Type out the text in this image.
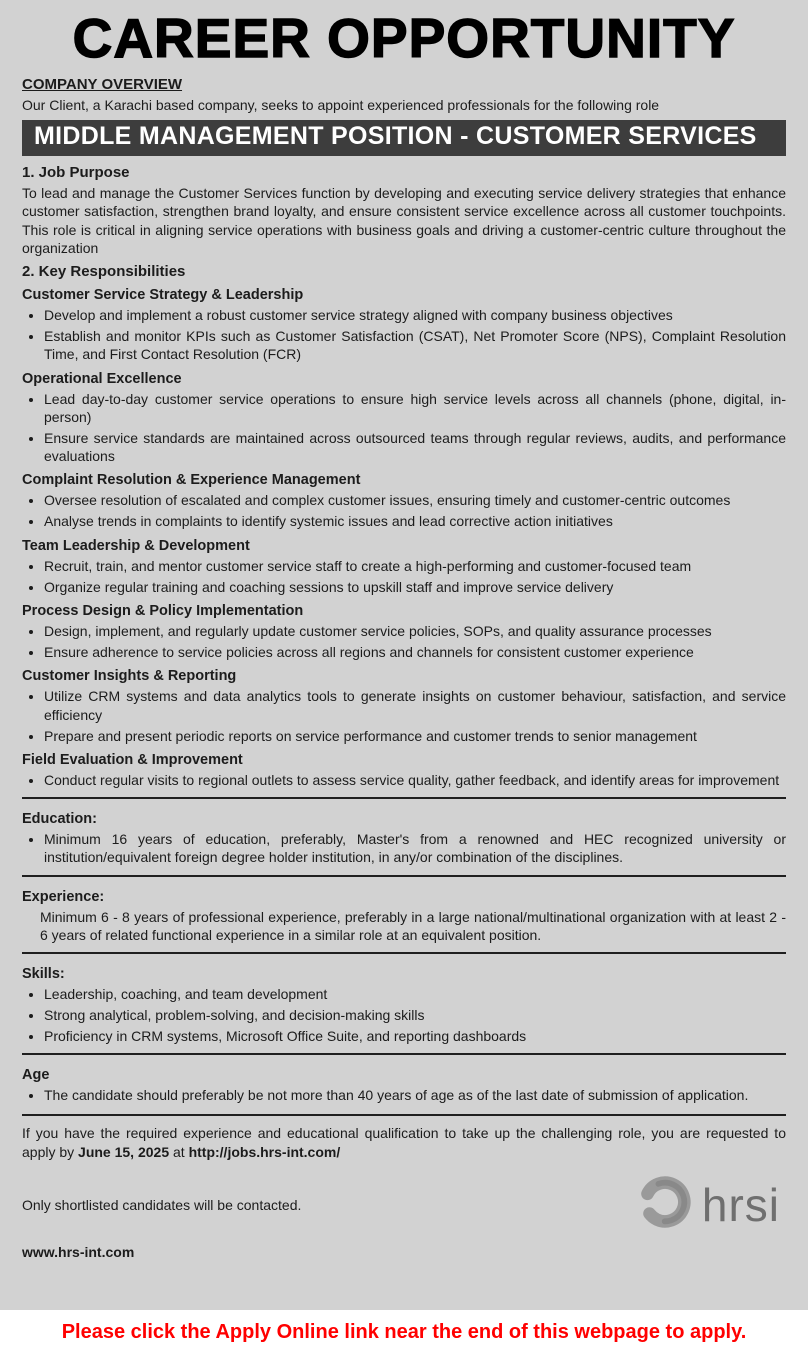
CAREER OPPORTUNITY
COMPANY OVERVIEW

Our Client, a Karachi based company, seeks to appoint experienced professionals for the following role

MIDDLE MANAGEMENT POSITION - CUSTOMER SERVICES
1. Job Purpose

To lead and manage the Customer Services function by developing and executing service delivery strategies that enhance customer satisfaction, strengthen brand loyalty, and ensure consistent service excellence across all customer touchpoints. This role is critical in aligning service operations with business goals and driving a customer-centric culture throughout the organization

2. Key Responsibilities
Customer Service Strategy & Leadership
• Develop and implement a robust customer service strategy aligned with company business objectives
• Establish and monitor KPIs such as Customer Satisfaction (CSAT), Net Promoter Score (NPS), Complaint Resolution Time, and First Contact Resolution (FCR)
Operational Excellence
• Lead day-to-day customer service operations to ensure high service levels across all channels (phone, digital, in-person)
• Ensure service standards are maintained across outsourced teams through regular reviews, audits, and performance evaluations
Complaint Resolution & Experience Management
• Oversee resolution of escalated and complex customer issues, ensuring timely and customer-centric outcomes
• Analyse trends in complaints to identify systemic issues and lead corrective action initiatives
Team Leadership & Development
• Recruit, train, and mentor customer service staff to create a high-performing and customer-focused team
• Organize regular training and coaching sessions to upskill staff and improve service delivery
Process Design & Policy Implementation
• Design, implement, and regularly update customer service policies, SOPs, and quality assurance processes
• Ensure adherence to service policies across all regions and channels for consistent customer experience
Customer Insights & Reporting
• Utilize CRM systems and data analytics tools to generate insights on customer behaviour, satisfaction, and service efficiency
• Prepare and present periodic reports on service performance and customer trends to senior management
Field Evaluation & Improvement
• Conduct regular visits to regional outlets to assess service quality, gather feedback, and identify areas for improvement
Education:
• Minimum 16 years of education, preferably, Master's from a renowned and HEC recognized university or institution/equivalent foreign degree holder institution, in any/or combination of the disciplines.
Experience:

Minimum 6 - 8 years of professional experience, preferably in a large national/multinational organization with at least 2 - 6 years of related functional experience in a similar role at an equivalent position.

Skills:
• Leadership, coaching, and team development
• Strong analytical, problem-solving, and decision-making skills
• Proficiency in CRM systems, Microsoft Office Suite, and reporting dashboards
Age
• The candidate should preferably be not more than 40 years of age as of the last date of submission of application.

If you have the required experience and educational qualification to take up the challenging role, you are requested to apply by June 15, 2025 at http://jobs.hrs-int.com/

Only shortlisted candidates will be contacted.	hrsi
www.hrs-int.com
Please click the Apply Online link near the end of this webpage to apply.
